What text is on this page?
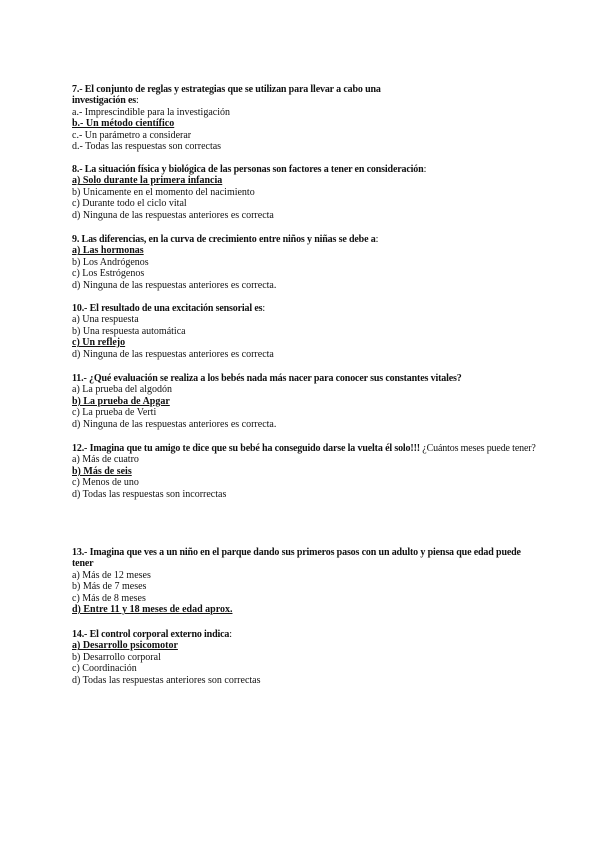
7.- El conjunto de reglas y estrategias que se utilizan para llevar a cabo una investigación es:
a.- Imprescindible para la investigación
b.- Un método científico
c.- Un parámetro a considerar
d.- Todas las respuestas son correctas
8.- La situación física y biológica de las personas son factores a tener en consideración:
a) Solo durante la primera infancia
b) Unicamente en el momento del nacimiento
c) Durante todo el ciclo vital
d) Ninguna de las respuestas anteriores es correcta
9. Las diferencias, en la curva de crecimiento entre niños y niñas se debe a:
a) Las hormonas
b) Los Andrógenos
c) Los Estrógenos
d) Ninguna de las respuestas anteriores es correcta.
10.- El resultado de una excitación sensorial es:
a) Una respuesta
b) Una respuesta automática
c) Un reflejo
d) Ninguna de las respuestas anteriores es correcta
11.- ¿Qué evaluación se realiza a los bebés nada más nacer para conocer sus constantes vitales?
a) La prueba del algodón
b) La prueba de Apgar
c) La prueba de Verti
d) Ninguna de las respuestas anteriores es correcta.
12.- Imagina que tu amigo te dice que su bebé ha conseguido darse la vuelta él solo!!! ¿Cuántos meses puede tener?
a) Más de cuatro
b) Más de seis
c) Menos de uno
d) Todas las respuestas son incorrectas
13.- Imagina que ves a un niño en el parque dando sus primeros pasos con un adulto y piensa que edad puede tener
a) Más de 12 meses
b) Más de 7 meses
c) Más de 8 meses
d) Entre 11 y 18 meses de edad aprox.
14.- El control corporal externo indica:
a) Desarrollo psicomotor
b) Desarrollo corporal
c) Coordinación
d) Todas las respuestas anteriores son correctas
